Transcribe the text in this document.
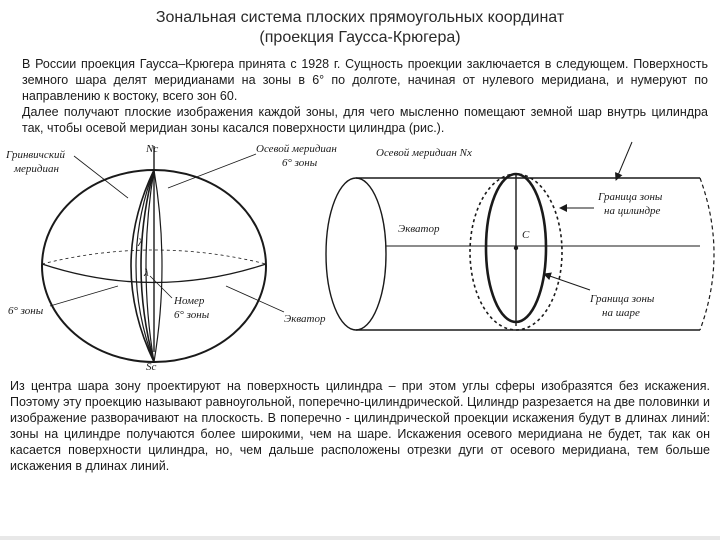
Зональная система плоских прямоугольных координат
(проекция Гаусса-Крюгера)
В России проекция Гаусса–Крюгера принята с 1928 г. Сущность проекции заключается в следующем. Поверхность земного шара делят меридианами на зоны в 6° по долготе, начиная от нулевого меридиана, и нумеруют по направлению к востоку, всего зон 60.
Далее получают плоские изображения каждой зоны, для чего мысленно помещают земной шар внутрь цилиндра так, чтобы осевой меридиан зоны касался поверхности цилиндра (рис.).
λ
λ
Nc
Sc
Гринвичский
меридиан
Осевой меридиан
6° зоны
6° зоны
Номер
6° зоны	Экватор
Осевой меридиан Nx
Экватор	C
Граница зоны
на цилиндре
Граница зоны
на шаре
Из центра шара зону проектируют на поверхность цилиндра – при этом углы сферы изобразятся без искажения. Поэтому эту проекцию называют равноугольной, поперечно-цилиндрической. Цилиндр разрезается на две половинки и изображение разворачивают на плоскость. В поперечно - цилиндрической проекции искажения будут в длинах линий: зоны на цилиндре получаются более широкими, чем на шаре. Искажения осевого меридиана не будет, так как он касается поверхности цилиндра, но, чем дальше расположены отрезки дуги от осевого меридиана, тем больше искажения в длинах линий.
